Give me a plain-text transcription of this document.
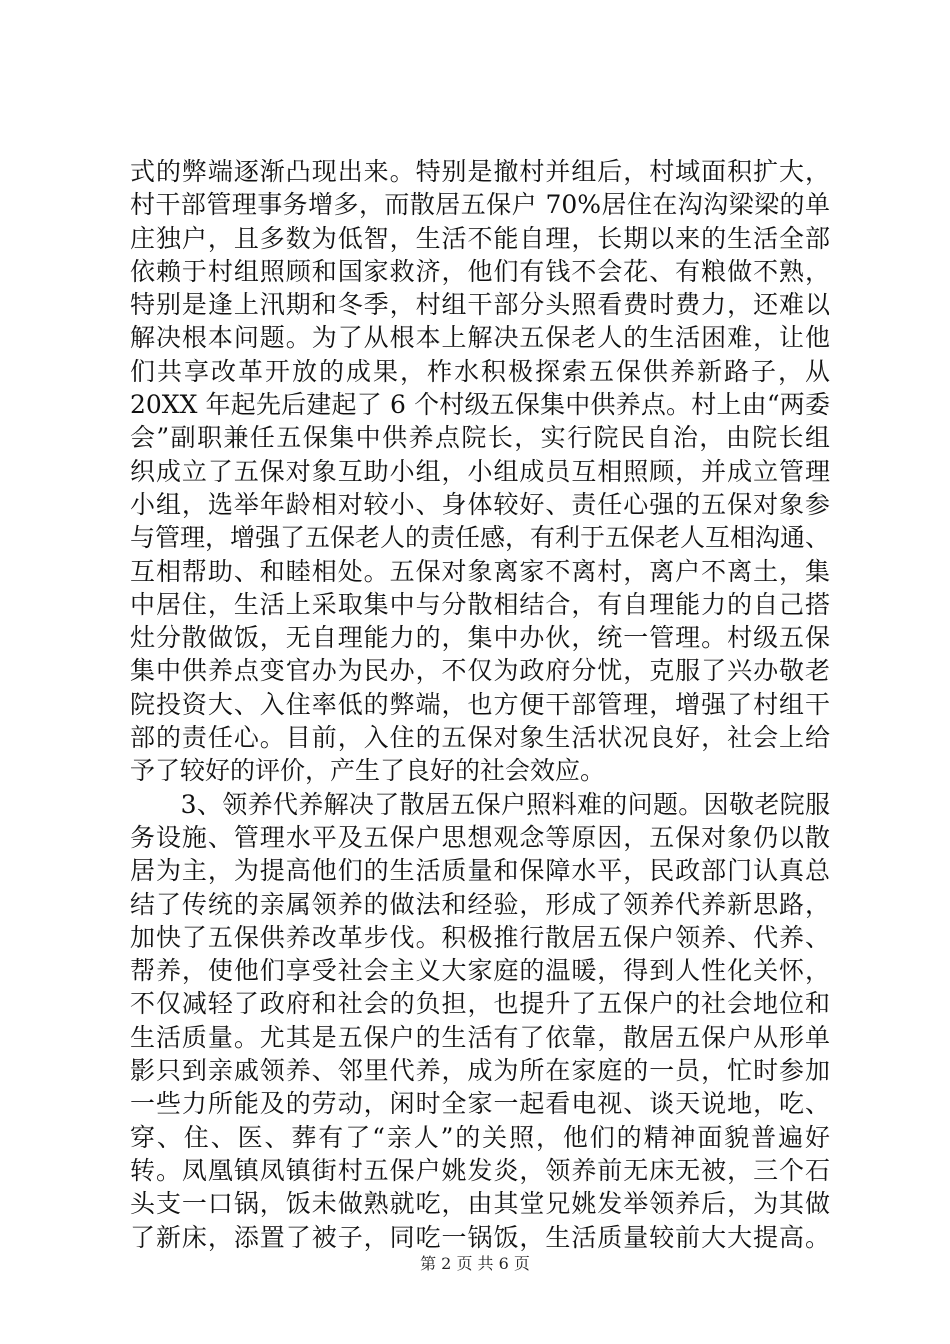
式的弊端逐渐凸现出来。特别是撤村并组后，村域面积扩大，
村干部管理事务增多，而散居五保户 70%居住在沟沟梁梁的单
庄独户，且多数为低智，生活不能自理，长期以来的生活全部
依赖于村组照顾和国家救济，他们有钱不会花、有粮做不熟，
特别是逢上汛期和冬季，村组干部分头照看费时费力，还难以
解决根本问题。为了从根本上解决五保老人的生活困难，让他
们共享改革开放的成果，柞水积极探索五保供养新路子，从
20XX 年起先后建起了 6 个村级五保集中供养点。村上由“两委
会”副职兼任五保集中供养点院长，实行院民自治，由院长组
织成立了五保对象互助小组，小组成员互相照顾，并成立管理
小组，选举年龄相对较小、身体较好、责任心强的五保对象参
与管理，增强了五保老人的责任感，有利于五保老人互相沟通、
互相帮助、和睦相处。五保对象离家不离村，离户不离土，集
中居住，生活上采取集中与分散相结合，有自理能力的自己搭
灶分散做饭，无自理能力的，集中办伙，统一管理。村级五保
集中供养点变官办为民办，不仅为政府分忧，克服了兴办敬老
院投资大、入住率低的弊端，也方便干部管理，增强了村组干
部的责任心。目前，入住的五保对象生活状况良好，社会上给
予了较好的评价，产生了良好的社会效应。
　　3、领养代养解决了散居五保户照料难的问题。因敬老院服
务设施、管理水平及五保户思想观念等原因，五保对象仍以散
居为主，为提高他们的生活质量和保障水平，民政部门认真总
结了传统的亲属领养的做法和经验，形成了领养代养新思路，
加快了五保供养改革步伐。积极推行散居五保户领养、代养、
帮养，使他们享受社会主义大家庭的温暖，得到人性化关怀，
不仅减轻了政府和社会的负担，也提升了五保户的社会地位和
生活质量。尤其是五保户的生活有了依靠，散居五保户从形单
影只到亲戚领养、邻里代养，成为所在家庭的一员，忙时参加
一些力所能及的劳动，闲时全家一起看电视、谈天说地，吃、
穿、住、医、葬有了“亲人”的关照，他们的精神面貌普遍好
转。凤凰镇凤镇街村五保户姚发炎，领养前无床无被，三个石
头支一口锅，饭未做熟就吃，由其堂兄姚发举领养后，为其做
了新床，添置了被子，同吃一锅饭，生活质量较前大大提高。
第 2 页 共 6 页
